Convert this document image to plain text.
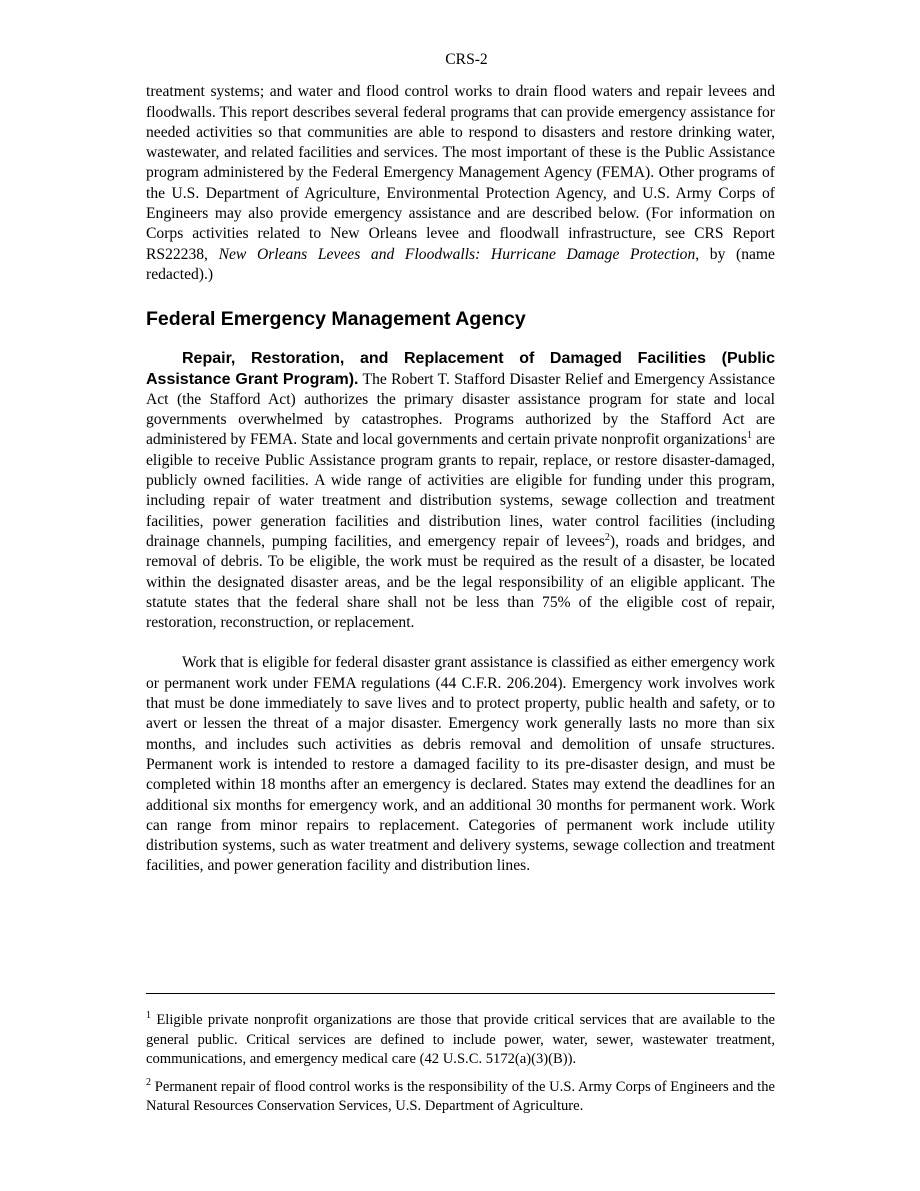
CRS-2

treatment systems; and water and flood control works to drain flood waters and repair levees and floodwalls. This report describes several federal programs that can provide emergency assistance for needed activities so that communities are able to respond to disasters and restore drinking water, wastewater, and related facilities and services. The most important of these is the Public Assistance program administered by the Federal Emergency Management Agency (FEMA). Other programs of the U.S. Department of Agriculture, Environmental Protection Agency, and U.S. Army Corps of Engineers may also provide emergency assistance and are described below. (For information on Corps activities related to New Orleans levee and floodwall infrastructure, see CRS Report RS22238, New Orleans Levees and Floodwalls: Hurricane Damage Protection, by (name redacted).)

Federal Emergency Management Agency

Repair, Restoration, and Replacement of Damaged Facilities (Public Assistance Grant Program). The Robert T. Stafford Disaster Relief and Emergency Assistance Act (the Stafford Act) authorizes the primary disaster assistance program for state and local governments overwhelmed by catastrophes. Programs authorized by the Stafford Act are administered by FEMA. State and local governments and certain private nonprofit organizations$^1$ are eligible to receive Public Assistance program grants to repair, replace, or restore disaster-damaged, publicly owned facilities. A wide range of activities are eligible for funding under this program, including repair of water treatment and distribution systems, sewage collection and treatment facilities, power generation facilities and distribution lines, water control facilities (including drainage channels, pumping facilities, and emergency repair of levees$^2$), roads and bridges, and removal of debris. To be eligible, the work must be required as the result of a disaster, be located within the designated disaster areas, and be the legal responsibility of an eligible applicant. The statute states that the federal share shall not be less than 75% of the eligible cost of repair, restoration, reconstruction, or replacement.

Work that is eligible for federal disaster grant assistance is classified as either emergency work or permanent work under FEMA regulations (44 C.F.R. 206.204). Emergency work involves work that must be done immediately to save lives and to protect property, public health and safety, or to avert or lessen the threat of a major disaster. Emergency work generally lasts no more than six months, and includes such activities as debris removal and demolition of unsafe structures. Permanent work is intended to restore a damaged facility to its pre-disaster design, and must be completed within 18 months after an emergency is declared. States may extend the deadlines for an additional six months for emergency work, and an additional 30 months for permanent work. Work can range from minor repairs to replacement. Categories of permanent work include utility distribution systems, such as water treatment and delivery systems, sewage collection and treatment facilities, and power generation facility and distribution lines.

$^1$ Eligible private nonprofit organizations are those that provide critical services that are available to the general public. Critical services are defined to include power, water, sewer, wastewater treatment, communications, and emergency medical care (42 U.S.C. 5172(a)(3)(B)).

$^2$ Permanent repair of flood control works is the responsibility of the U.S. Army Corps of Engineers and the Natural Resources Conservation Services, U.S. Department of Agriculture.
